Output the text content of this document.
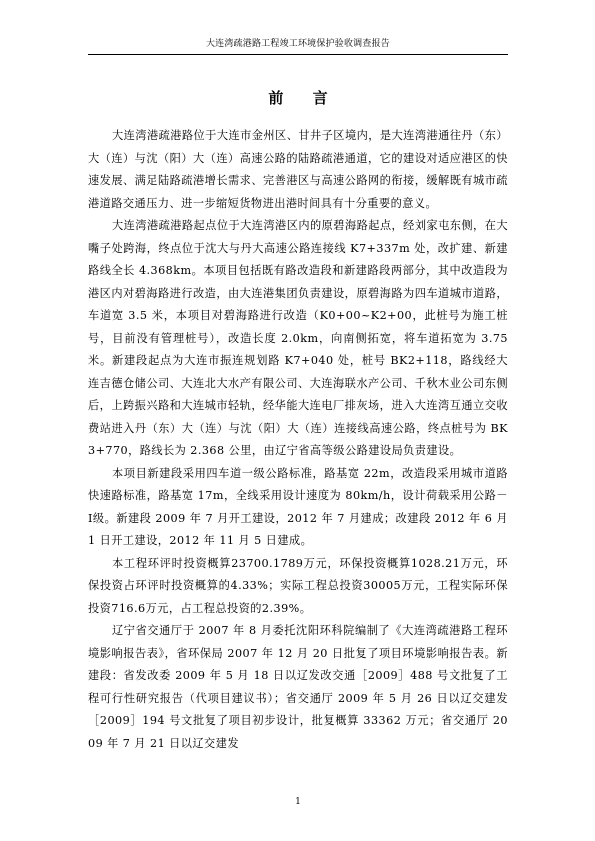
大连湾疏港路工程竣工环境保护验收调查报告
前 言

大连湾港疏港路位于大连市金州区、甘井子区境内，是大连湾港通往丹（东）大（连）与沈（阳）大（连）高速公路的陆路疏港通道，它的建设对适应港区的快速发展、满足陆路疏港增长需求、完善港区与高速公路网的衔接，缓解既有城市疏港道路交通压力、进一步缩短货物进出港时间具有十分重要的意义。

大连湾港疏港路起点位于大连湾港区内的原碧海路起点，经刘家屯东侧，在大嘴子处跨海，终点位于沈大与丹大高速公路连接线 K7+337m 处，改扩建、新建路线全长 4.368km。本项目包括既有路改造段和新建路段两部分，其中改造段为港区内对碧海路进行改造，由大连港集团负责建设，原碧海路为四车道城市道路，车道宽 3.5 米，本项目对碧海路进行改造（K0+00~K2+00，此桩号为施工桩号，目前没有管理桩号），改造长度 2.0km，向南侧拓宽，将车道拓宽为 3.75 米。新建段起点为大连市振连规划路 K7+040 处，桩号 BK2+118，路线经大连吉德仓储公司、大连北大水产有限公司、大连海联水产公司、千秋木业公司东侧后，上跨振兴路和大连城市轻轨，经华能大连电厂排灰场，进入大连湾互通立交收费站进入丹（东）大（连）与沈（阳）大（连）连接线高速公路，终点桩号为 BK3+770，路线长为 2.368 公里，由辽宁省高等级公路建设局负责建设。

本项目新建段采用四车道一级公路标准，路基宽 22m，改造段采用城市道路快速路标准，路基宽 17m，全线采用设计速度为 80km/h，设计荷载采用公路－Ⅰ级。新建段 2009 年 7 月开工建设，2012 年 7 月建成；改建段 2012 年 6 月 1 日开工建设，2012 年 11 月 5 日建成。

本工程环评时投资概算23700.1789万元，环保投资概算1028.21万元，环保投资占环评时投资概算的4.33%；实际工程总投资30005万元，工程实际环保投资716.6万元，占工程总投资的2.39%。

辽宁省交通厅于 2007 年 8 月委托沈阳环科院编制了《大连湾疏港路工程环境影响报告表》，省环保局 2007 年 12 月 20 日批复了项目环境影响报告表。新建段：省发改委 2009 年 5 月 18 日以辽发改交通［2009］488 号文批复了工程可行性研究报告（代项目建议书）；省交通厅 2009 年 5 月 26 日以辽交建发［2009］194 号文批复了项目初步设计，批复概算 33362 万元；省交通厅 2009 年 7 月 21 日以辽交建发

1
